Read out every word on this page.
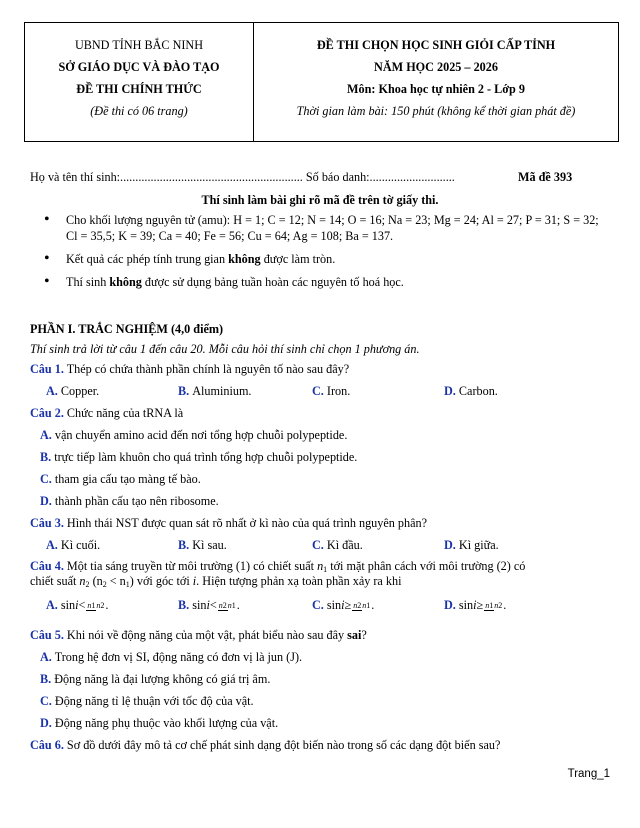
UBND TỈNH BẮC NINH
SỞ GIÁO DỤC VÀ ĐÀO TẠO
ĐỀ THI CHÍNH THỨC
(Đề thi có 06 trang)
ĐỀ THI CHỌN HỌC SINH GIỎI CẤP TỈNH
NĂM HỌC 2025 – 2026
Môn: Khoa học tự nhiên 2 - Lớp 9
Thời gian làm bài: 150 phút (không kể thời gian phát đề)
Họ và tên thí sinh:............................................................ Số báo danh:............................	Mã đề 393
Thí sinh làm bài ghi rõ mã đề trên tờ giấy thi.
• Cho khối lượng nguyên tử (amu): H = 1; C = 12; N = 14; O = 16; Na = 23; Mg = 24; Al = 27; P = 31; S = 32; Cl = 35,5; K = 39; Ca = 40; Fe = 56; Cu = 64; Ag = 108; Ba = 137.
• Kết quả các phép tính trung gian không được làm tròn.
• Thí sinh không được sử dụng bảng tuần hoàn các nguyên tố hoá học.
PHẦN I. TRẮC NGHIỆM (4,0 điểm)
Thí sinh trả lời từ câu 1 đến câu 20. Mỗi câu hỏi thí sinh chỉ chọn 1 phương án.
Câu 1. Thép có chứa thành phần chính là nguyên tố nào sau đây?
A. Copper.	B. Aluminium.	C. Iron.	D. Carbon.
Câu 2. Chức năng của tRNA là
A. vận chuyển amino acid đến nơi tổng hợp chuỗi polypeptide.
B. trực tiếp làm khuôn cho quá trình tổng hợp chuỗi polypeptide.
C. tham gia cấu tạo màng tế bào.
D. thành phần cấu tạo nên ribosome.
Câu 3. Hình thái NST được quan sát rõ nhất ở kì nào của quá trình nguyên phân?
A. Kì cuối.	B. Kì sau.	C. Kì đầu.	D. Kì giữa.
Câu 4. Một tia sáng truyền từ môi trường (1) có chiết suất $n_1$ tới mặt phân cách với môi trường (2) có
chiết suất $n_2$ $(n_2 < n_1)$ với góc tới i. Hiện tượng phản xạ toàn phần xảy ra khi
A. sini<n1n2.	B. sini<n2n1.	C. sini≥n2n1.	D. sini≥n1n2.
Câu 5. Khi nói về động năng của một vật, phát biểu nào sau đây sai?
A. Trong hệ đơn vị SI, động năng có đơn vị là jun (J).
B. Động năng là đại lượng không có giá trị âm.
C. Động năng tỉ lệ thuận với tốc độ của vật.
D. Động năng phụ thuộc vào khối lượng của vật.
Câu 6. Sơ đồ dưới đây mô tả cơ chế phát sinh dạng đột biến nào trong số các dạng đột biến sau?
Trang_1
